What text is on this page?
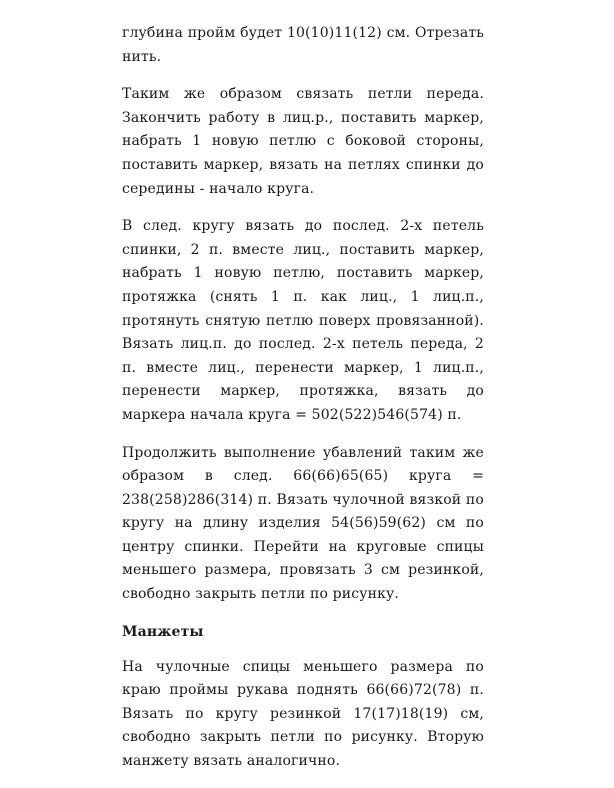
глубина пройм будет 10(10)11(12) см. Отрезать нить.

Таким же образом связать петли переда. Закончить работу в лиц.р., поставить маркер, набрать 1 новую петлю с боковой стороны, поставить маркер, вязать на петлях спинки до середины - начало круга.

В след. кругу вязать до послед. 2-х петель спинки, 2 п. вместе лиц., поставить маркер, набрать 1 новую петлю, поставить маркер, протяжка (снять 1 п. как лиц., 1 лиц.п., протянуть снятую петлю поверх провязанной). Вязать лиц.п. до послед. 2-х петель переда, 2 п. вместе лиц., перенести маркер, 1 лиц.п., перенести маркер, протяжка, вязать до маркера начала круга = 502(522)546(574) п.

Продолжить выполнение убавлений таким же образом в след. 66(66)65(65) круга = 238(258)286(314) п. Вязать чулочной вязкой по кругу на длину изделия 54(56)59(62) см по центру спинки. Перейти на круговые спицы меньшего размера, провязать 3 см резинкой, свободно закрыть петли по рисунку.

Манжеты

На чулочные спицы меньшего размера по краю проймы рукава поднять 66(66)72(78) п. Вязать по кругу резинкой 17(17)18(19) см, свободно закрыть петли по рисунку. Вторую манжету вязать аналогично.
